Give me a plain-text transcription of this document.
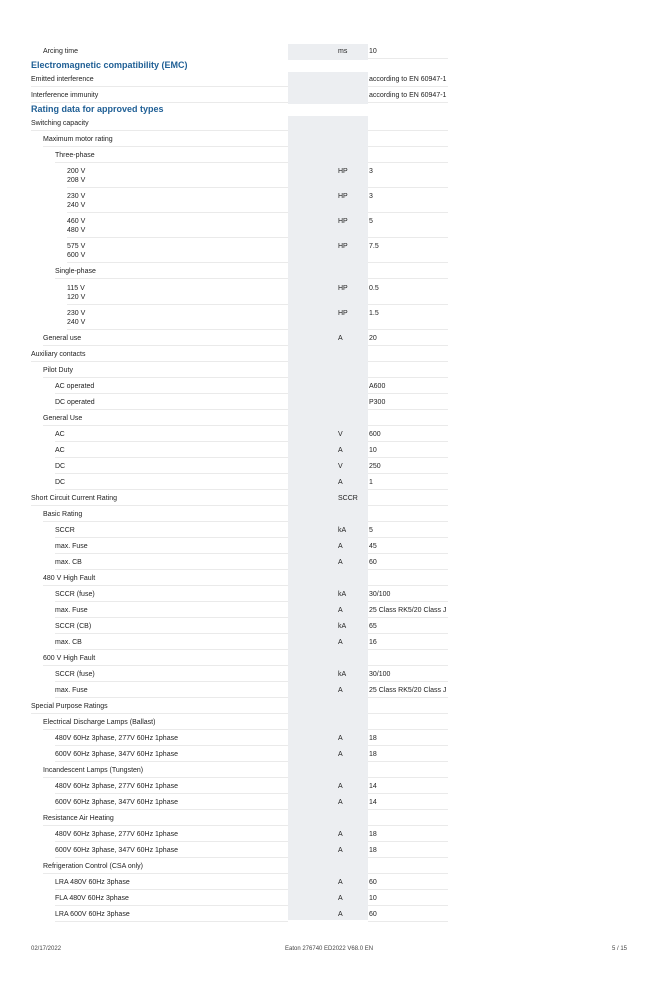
Electromagnetic compatibility (EMC)
Rating data for approved types
Arcing time	ms	10
Emitted interference	according to EN 60947-1
Interference immunity	according to EN 60947-1
Switching capacity
Maximum motor rating
Three-phase
200 V
208 V
HP	3
230 V
240 V
HP	3
460 V
480 V
HP	5
575 V
600 V
HP	7.5
Single-phase
115 V
120 V
HP	0.5
230 V
240 V
HP	1.5
General use	A	20
Auxiliary contacts
Pilot Duty
AC operated	A600
DC operated	P300
General Use
AC	V	600
AC	A	10
DC	V	250
DC	A	1
Short Circuit Current Rating	SCCR
Basic Rating
SCCR	kA	5
max. Fuse	A	45
max. CB	A	60
480 V High Fault
SCCR (fuse)	kA	30/100
max. Fuse	A	25 Class RK5/20 Class J
SCCR (CB)	kA	65
max. CB	A	16
600 V High Fault
SCCR (fuse)	kA	30/100
max. Fuse	A	25 Class RK5/20 Class J
Special Purpose Ratings
Electrical Discharge Lamps (Ballast)
480V 60Hz 3phase, 277V 60Hz 1phase	A	18
600V 60Hz 3phase, 347V 60Hz 1phase	A	18
Incandescent Lamps (Tungsten)
480V 60Hz 3phase, 277V 60Hz 1phase	A	14
600V 60Hz 3phase, 347V 60Hz 1phase	A	14
Resistance Air Heating
480V 60Hz 3phase, 277V 60Hz 1phase	A	18
600V 60Hz 3phase, 347V 60Hz 1phase	A	18
Refrigeration Control (CSA only)
LRA 480V 60Hz 3phase	A	60
FLA 480V 60Hz 3phase	A	10
LRA 600V 60Hz 3phase	A	60
02/17/2022	Eaton 276740 ED2022 V68.0 EN	5 / 15
